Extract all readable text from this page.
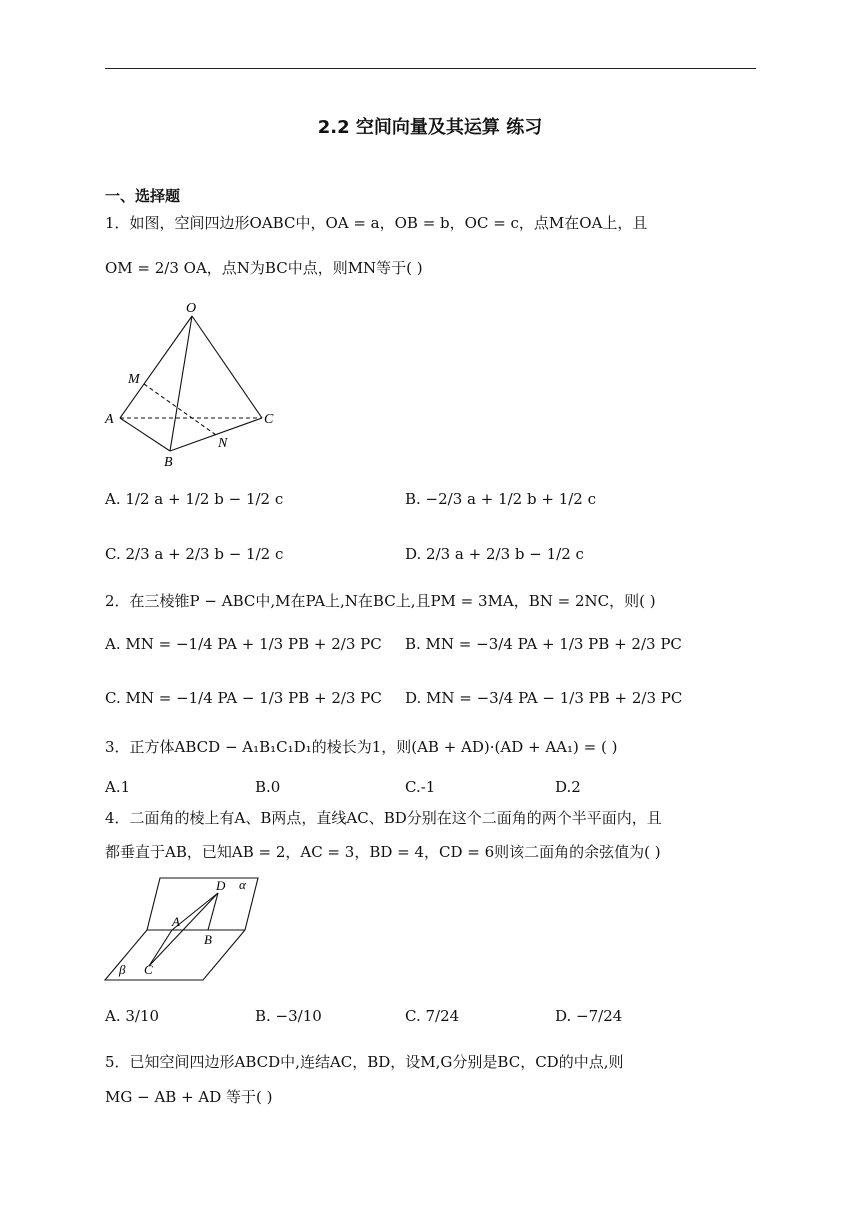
2.2 空间向量及其运算 练习
一、选择题
1．如图，空间四边形OABC中，OA = a，OB = b，OC = c，点M在OA上，且
OM = 2/3 OA，点N为BC中点，则MN等于( )
O
M
A	C
N
B
A. 1/2 a + 1/2 b − 1/2 c	B. −2/3 a + 1/2 b + 1/2 c
C. 2/3 a + 2/3 b − 1/2 c	D. 2/3 a + 2/3 b − 1/2 c
2．在三棱锥P − ABC中,M在PA上,N在BC上,且PM = 3MA，BN = 2NC，则( )
A. MN = −1/4 PA + 1/3 PB + 2/3 PC B. MN = −3/4 PA + 1/3 PB + 2/3 PC
C. MN = −1/4 PA − 1/3 PB + 2/3 PC D. MN = −3/4 PA − 1/3 PB + 2/3 PC
3．正方体ABCD − A₁B₁C₁D₁的棱长为1，则(AB + AD)·(AD + AA₁) = ( )
A.1	B.0	C.-1	D.2
4．二面角的棱上有A、B两点，直线AC、BD分别在这个二面角的两个半平面内，且
都垂直于AB，已知AB = 2，AC = 3，BD = 4，CD = 6则该二面角的余弦值为( )
D α
A
B
β C
A. 3/10	B. −3/10	C. 7/24	D. −7/24
5．已知空间四边形ABCD中,连结AC，BD，设M,G分别是BC，CD的中点,则
MG − AB + AD 等于( )
